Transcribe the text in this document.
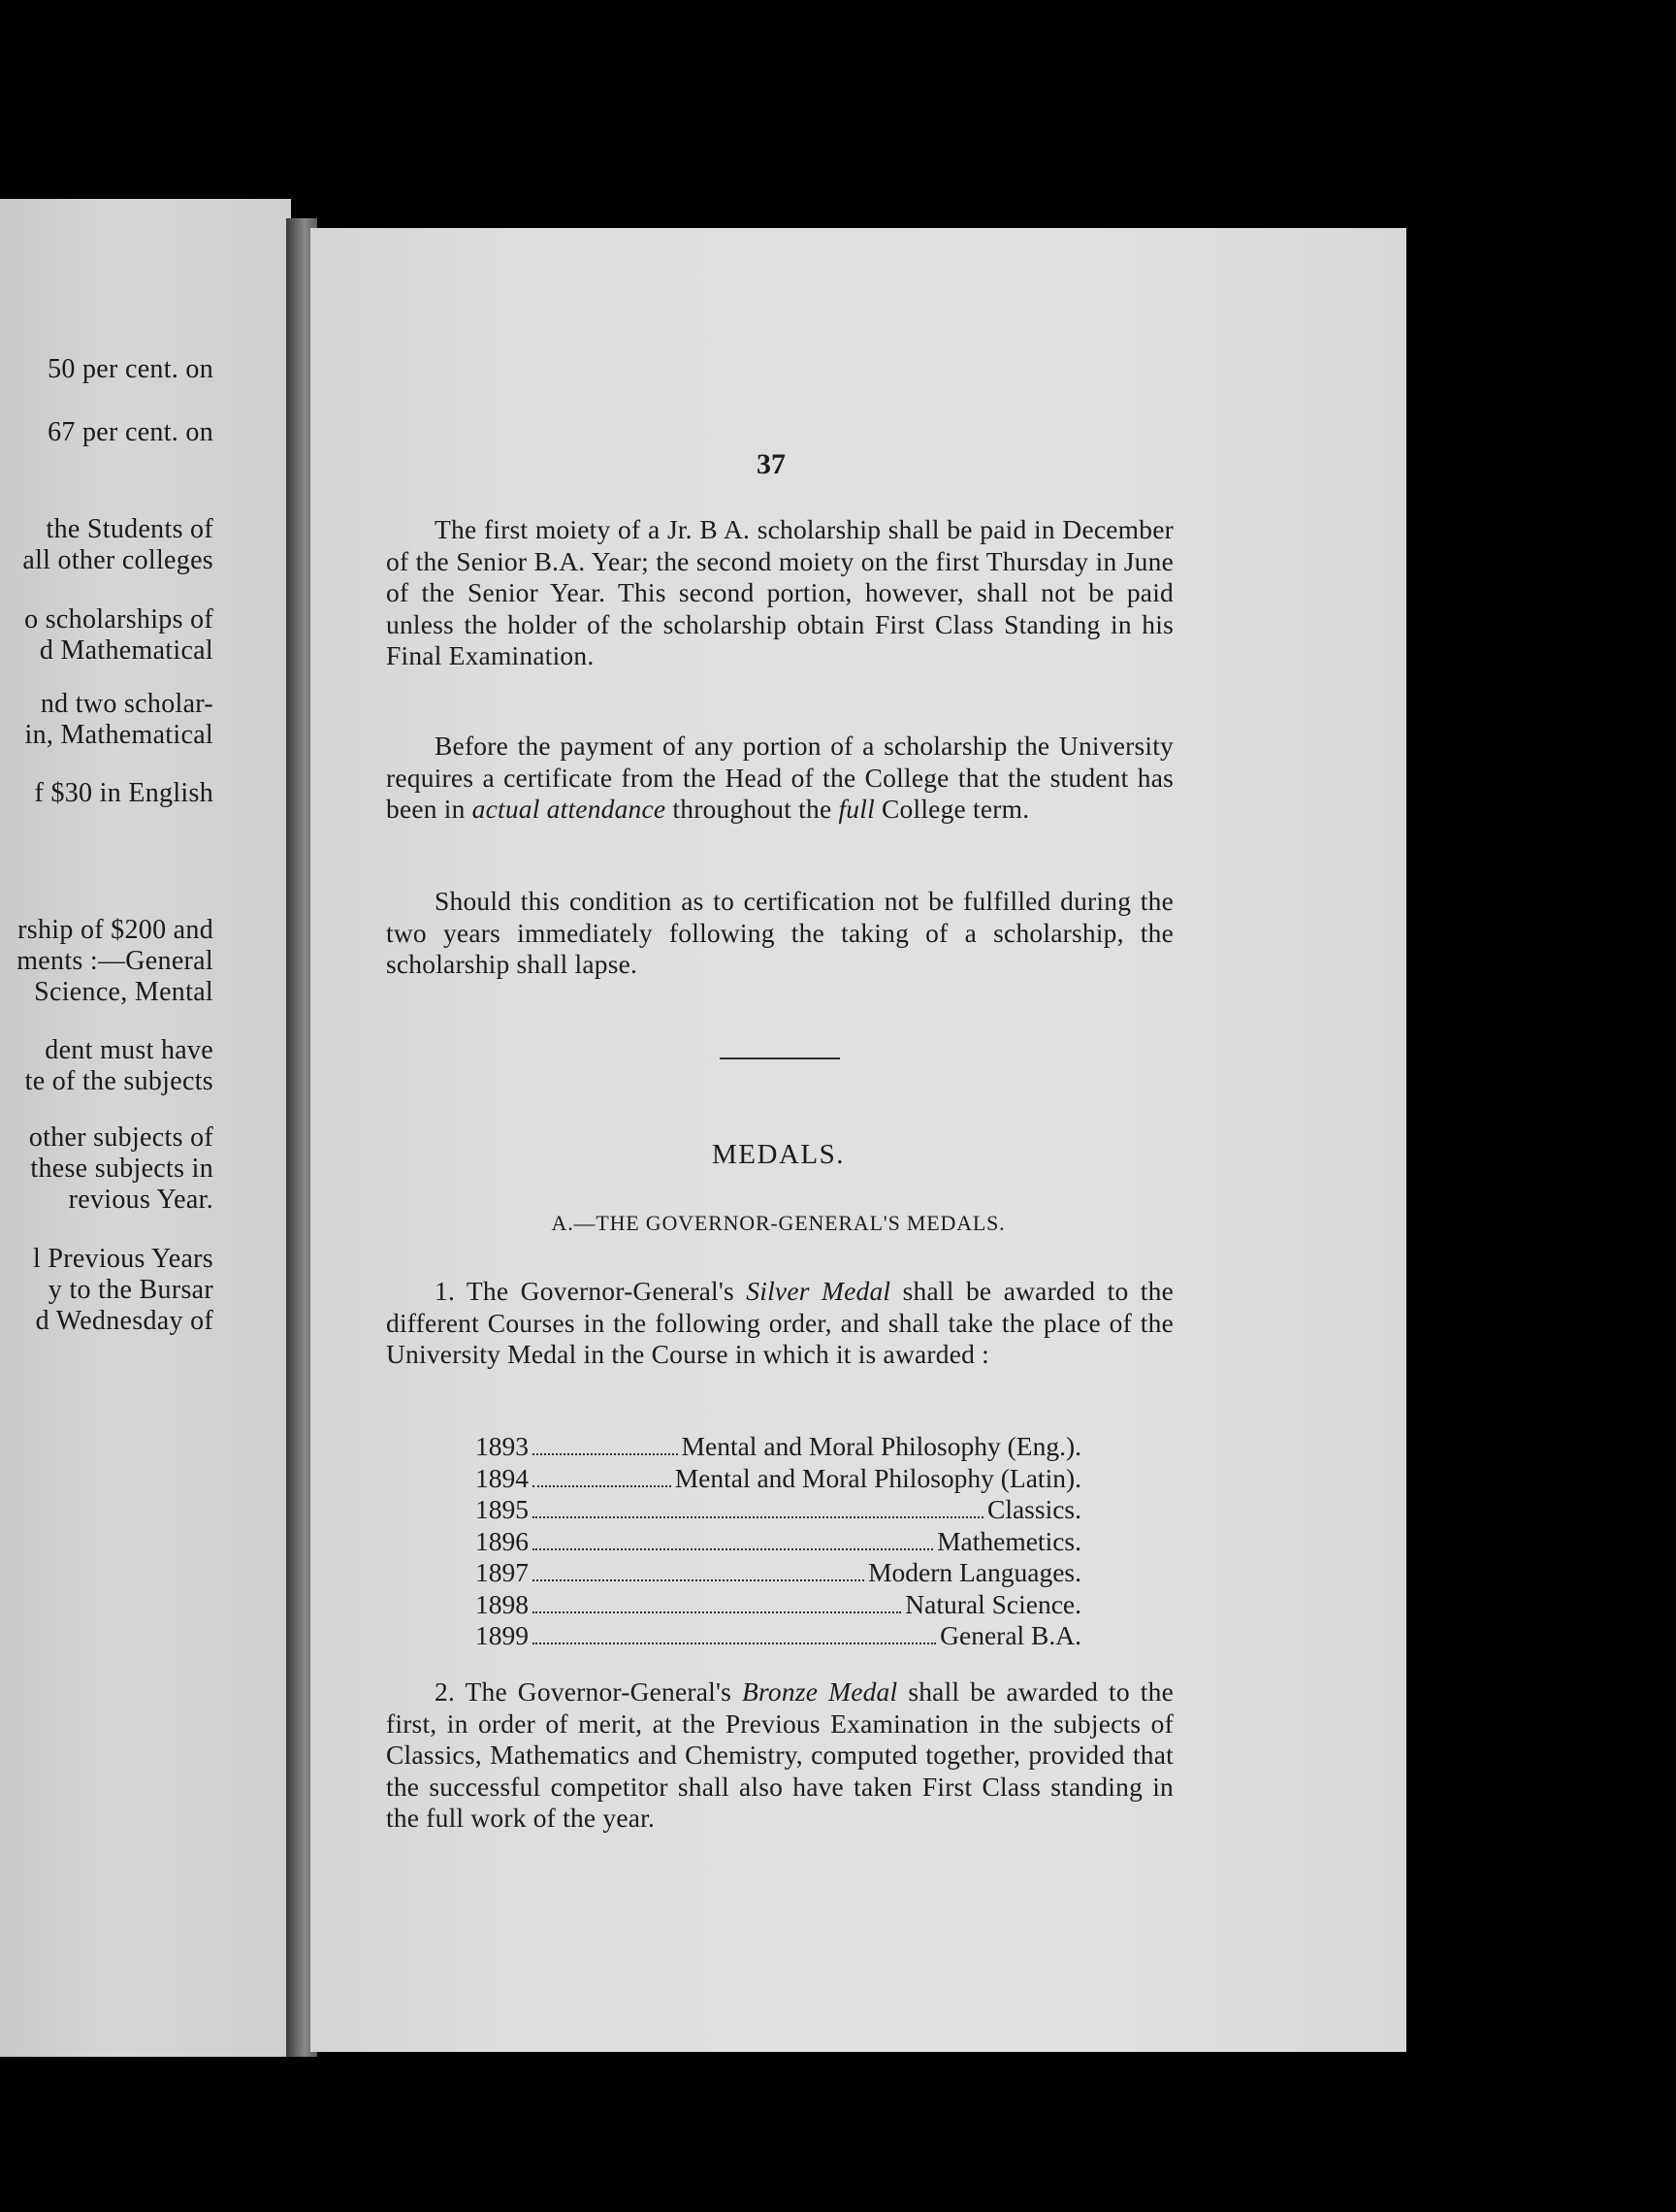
50 per cent. on
67 per cent. on
the Students of
all other colleges
o scholarships of
d Mathematical
nd two scholar-
in, Mathematical
f $30 in English
rship of $200 and
ments :—General
Science, Mental
dent must have
te of the subjects
other subjects of
these subjects in
revious Year.
l Previous Years
y to the Bursar
d Wednesday of
37

The first moiety of a Jr. B A. scholarship shall be paid in December of the Senior B.A. Year; the second moiety on the first Thursday in June of the Senior Year. This second portion, however, shall not be paid unless the holder of the scholarship obtain First Class Standing in his Final Examination.

Before the payment of any portion of a scholarship the University requires a certificate from the Head of the College that the student has been in actual attendance throughout the full College term.

Should this condition as to certification not be fulfilled during the two years immediately following the taking of a scholarship, the scholarship shall lapse.

MEDALS.
A.—THE GOVERNOR-GENERAL'S MEDALS.

1. The Governor-General's Silver Medal shall be awarded to the different Courses in the following order, and shall take the place of the University Medal in the Course in which it is awarded :

1893	Mental and Moral Philosophy (Eng.).
1894	Mental and Moral Philosophy (Latin).
1895	Classics.
1896	Mathemetics.
1897	Modern Languages.
1898	Natural Science.
1899	General B.A.

2. The Governor-General's Bronze Medal shall be awarded to the first, in order of merit, at the Previous Examination in the subjects of Classics, Mathematics and Chemistry, computed together, provided that the successful competitor shall also have taken First Class standing in the full work of the year.
